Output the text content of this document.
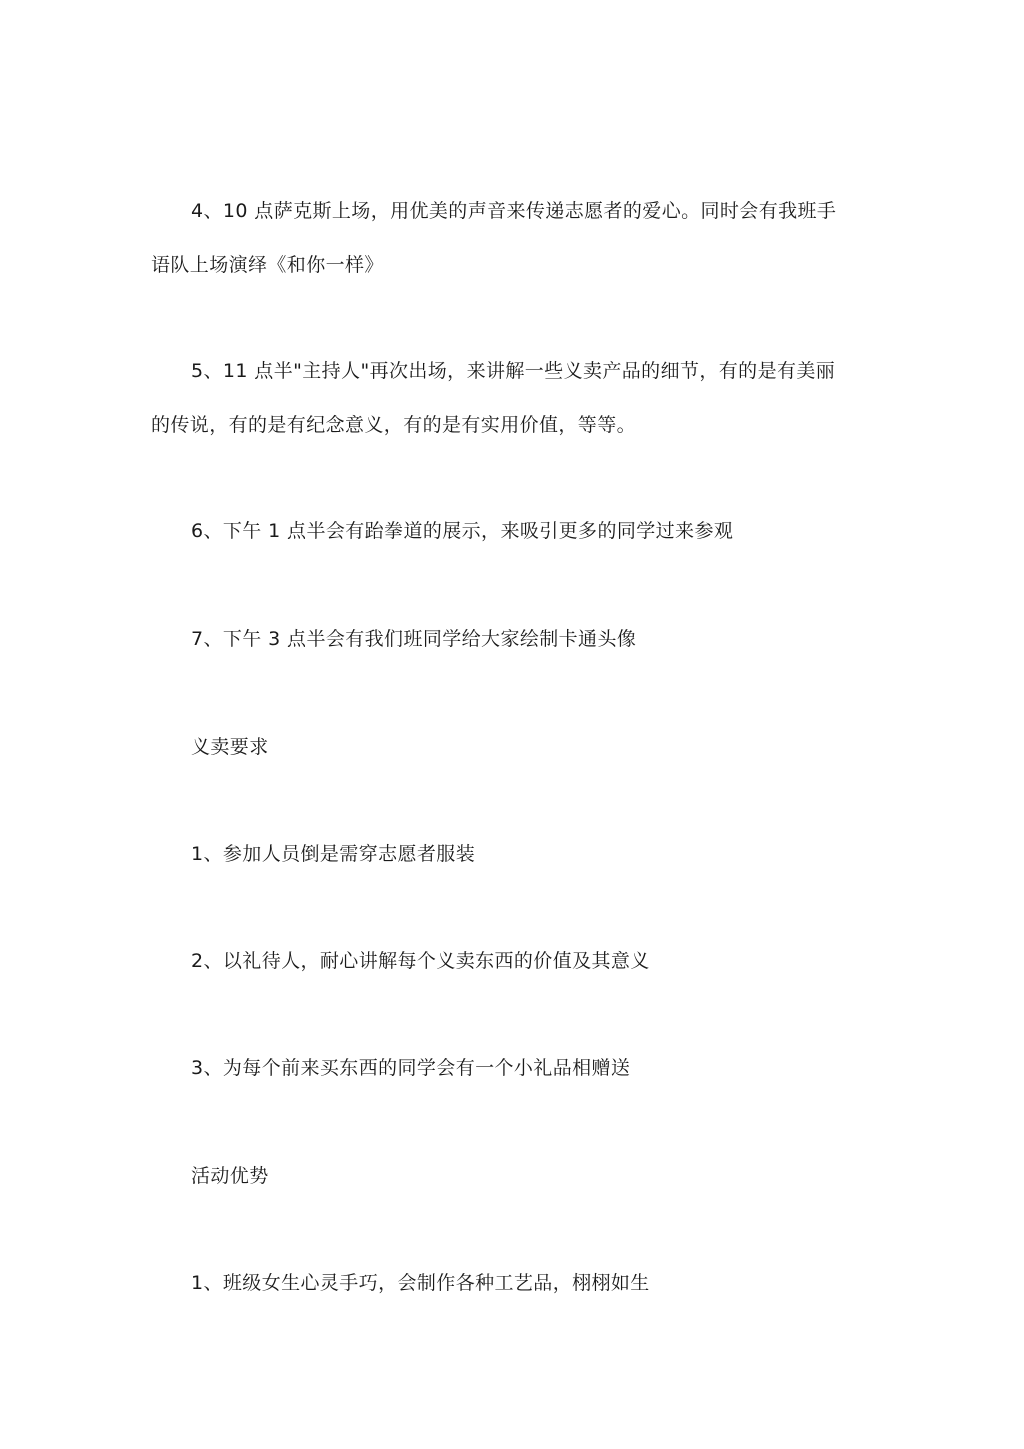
4、10 点萨克斯上场，用优美的声音来传递志愿者的爱心。同时会有我班手
语队上场演绎《和你一样》
5、11 点半"主持人"再次出场，来讲解一些义卖产品的细节，有的是有美丽
的传说，有的是有纪念意义，有的是有实用价值，等等。
6、下午 1 点半会有跆拳道的展示，来吸引更多的同学过来参观
7、下午 3 点半会有我们班同学给大家绘制卡通头像
义卖要求
1、参加人员倒是需穿志愿者服装
2、以礼待人，耐心讲解每个义卖东西的价值及其意义
3、为每个前来买东西的同学会有一个小礼品相赠送
活动优势
1、班级女生心灵手巧，会制作各种工艺品，栩栩如生
